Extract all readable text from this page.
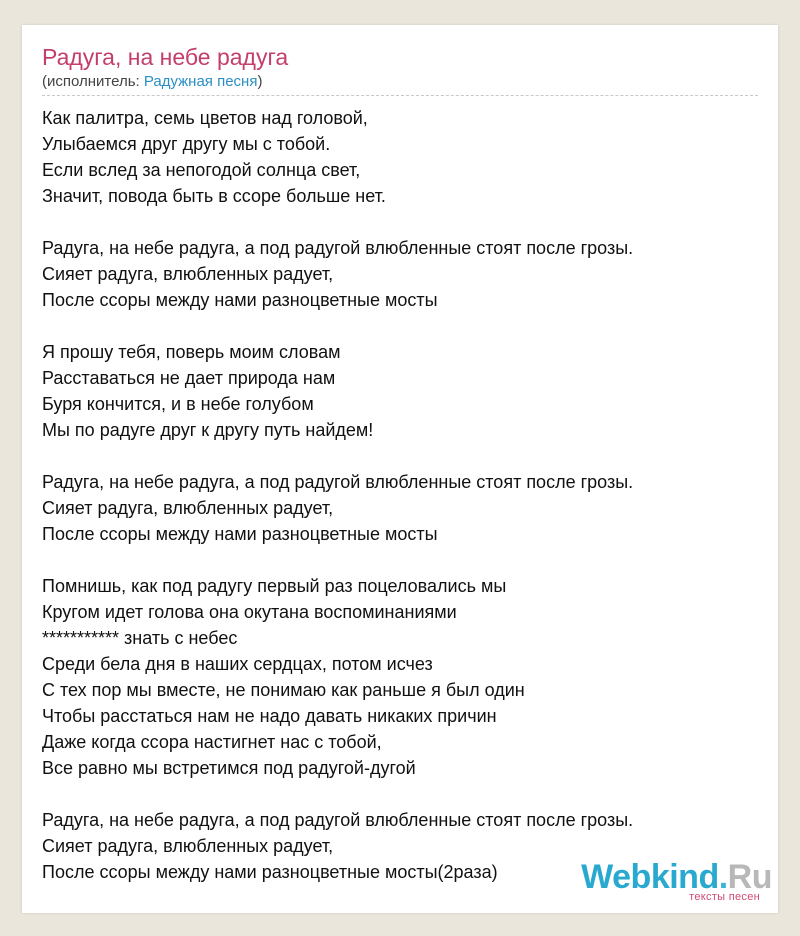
Радуга, на небе радуга
(исполнитель: Радужная песня)
Как палитра, семь цветов над головой,
Улыбаемся друг другу мы с тобой.
Если вслед за непогодой солнца свет,
Значит, повода быть в ссоре больше нет.
Радуга, на небе радуга, а под радугой влюбленные стоят после грозы.
Сияет радуга, влюбленных радует,
После ссоры между нами разноцветные мосты
Я прошу тебя, поверь моим словам
Расставаться не дает природа нам
Буря кончится, и в небе голубом
Мы по радуге друг к другу путь найдем!
Радуга, на небе радуга, а под радугой влюбленные стоят после грозы.
Сияет радуга, влюбленных радует,
После ссоры между нами разноцветные мосты
Помнишь, как под радугу первый раз поцеловались мы
Кругом идет голова она окутана воспоминаниями
*********** знать с небес
Среди бела дня в наших сердцах, потом исчез
С тех пор мы вместе, не понимаю как раньше я был один
Чтобы расстаться нам не надо давать никаких причин
Даже когда ссора настигнет нас с тобой,
Все равно мы встретимся под радугой-дугой
Радуга, на небе радуга, а под радугой влюбленные стоят после грозы.
Сияет радуга, влюбленных радует,
После ссоры между нами разноцветные мосты(2раза)	Webkind.Ru
тексты песен
